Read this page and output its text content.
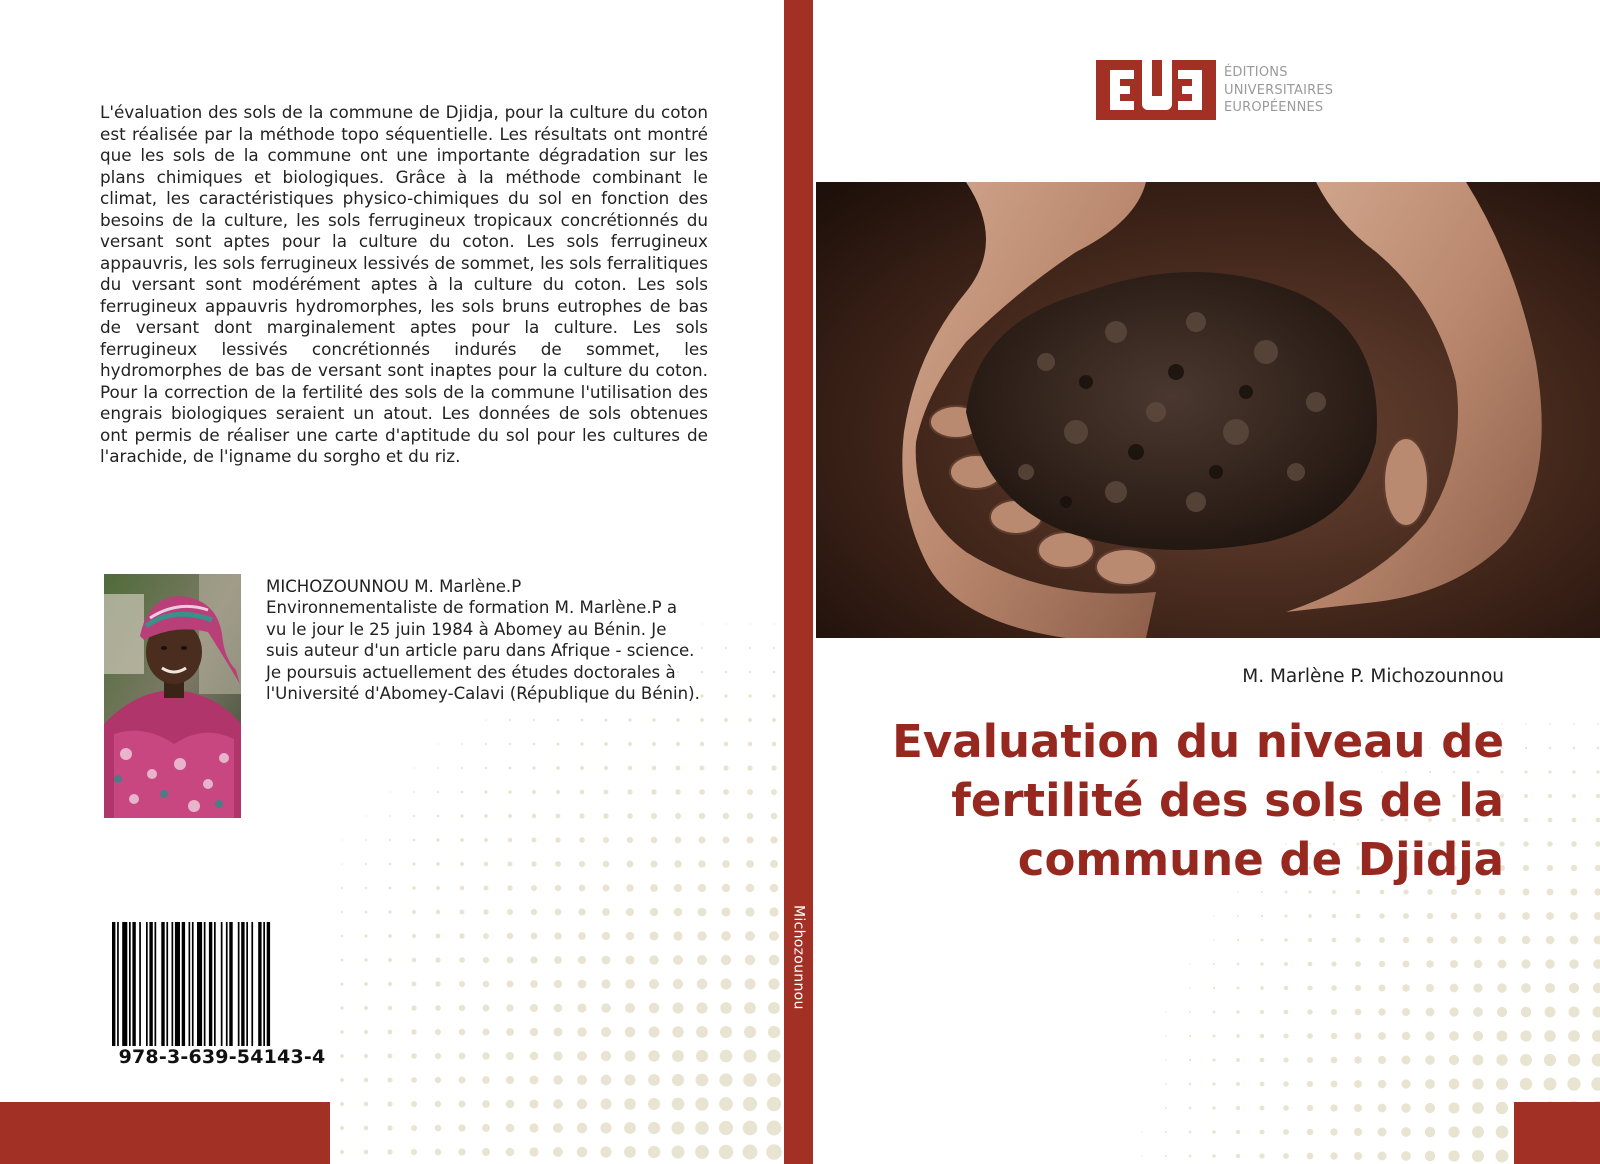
L'évaluation des sols de la commune de Djidja, pour la culture du coton est réalisée par la méthode topo séquentielle. Les résultats ont montré que les sols de la commune ont une importante dégradation sur les plans chimiques et biologiques. Grâce à la méthode combinant le climat, les caractéristiques physico-chimiques du sol en fonction des besoins de la culture, les sols ferrugineux tropicaux concrétionnés du versant sont aptes pour la culture du coton. Les sols ferrugineux appauvris, les sols ferrugineux lessivés de sommet, les sols ferralitiques du versant sont modérément aptes à la culture du coton. Les sols ferrugineux appauvris hydromorphes, les sols bruns eutrophes de bas de versant dont marginalement aptes pour la culture. Les sols ferrugineux lessivés concrétionnés indurés de sommet, les hydromorphes de bas de versant sont inaptes pour la culture du coton. Pour la correction de la fertilité des sols de la commune l'utilisation des engrais biologiques seraient un atout. Les données de sols obtenues ont permis de réaliser une carte d'aptitude du sol pour les cultures de l'arachide, de l'igname du sorgho et du riz.

MICHOZOUNNOU M. Marlène.P

Environnementaliste de formation M. Marlène.P a

vu le jour le 25 juin 1984 à Abomey au Bénin. Je

suis auteur d'un article paru dans Afrique - science.

Je poursuis actuellement des études doctorales à

l'Université d'Abomey-Calavi (République du Bénin).

978-3-639-54143-4
Michozounnou
ÉDITIONS
UNIVERSITAIRES
EUROPÉENNES
M. Marlène P. Michozounnou
Evaluation du niveau de
fertilité des sols de la
commune de Djidja
